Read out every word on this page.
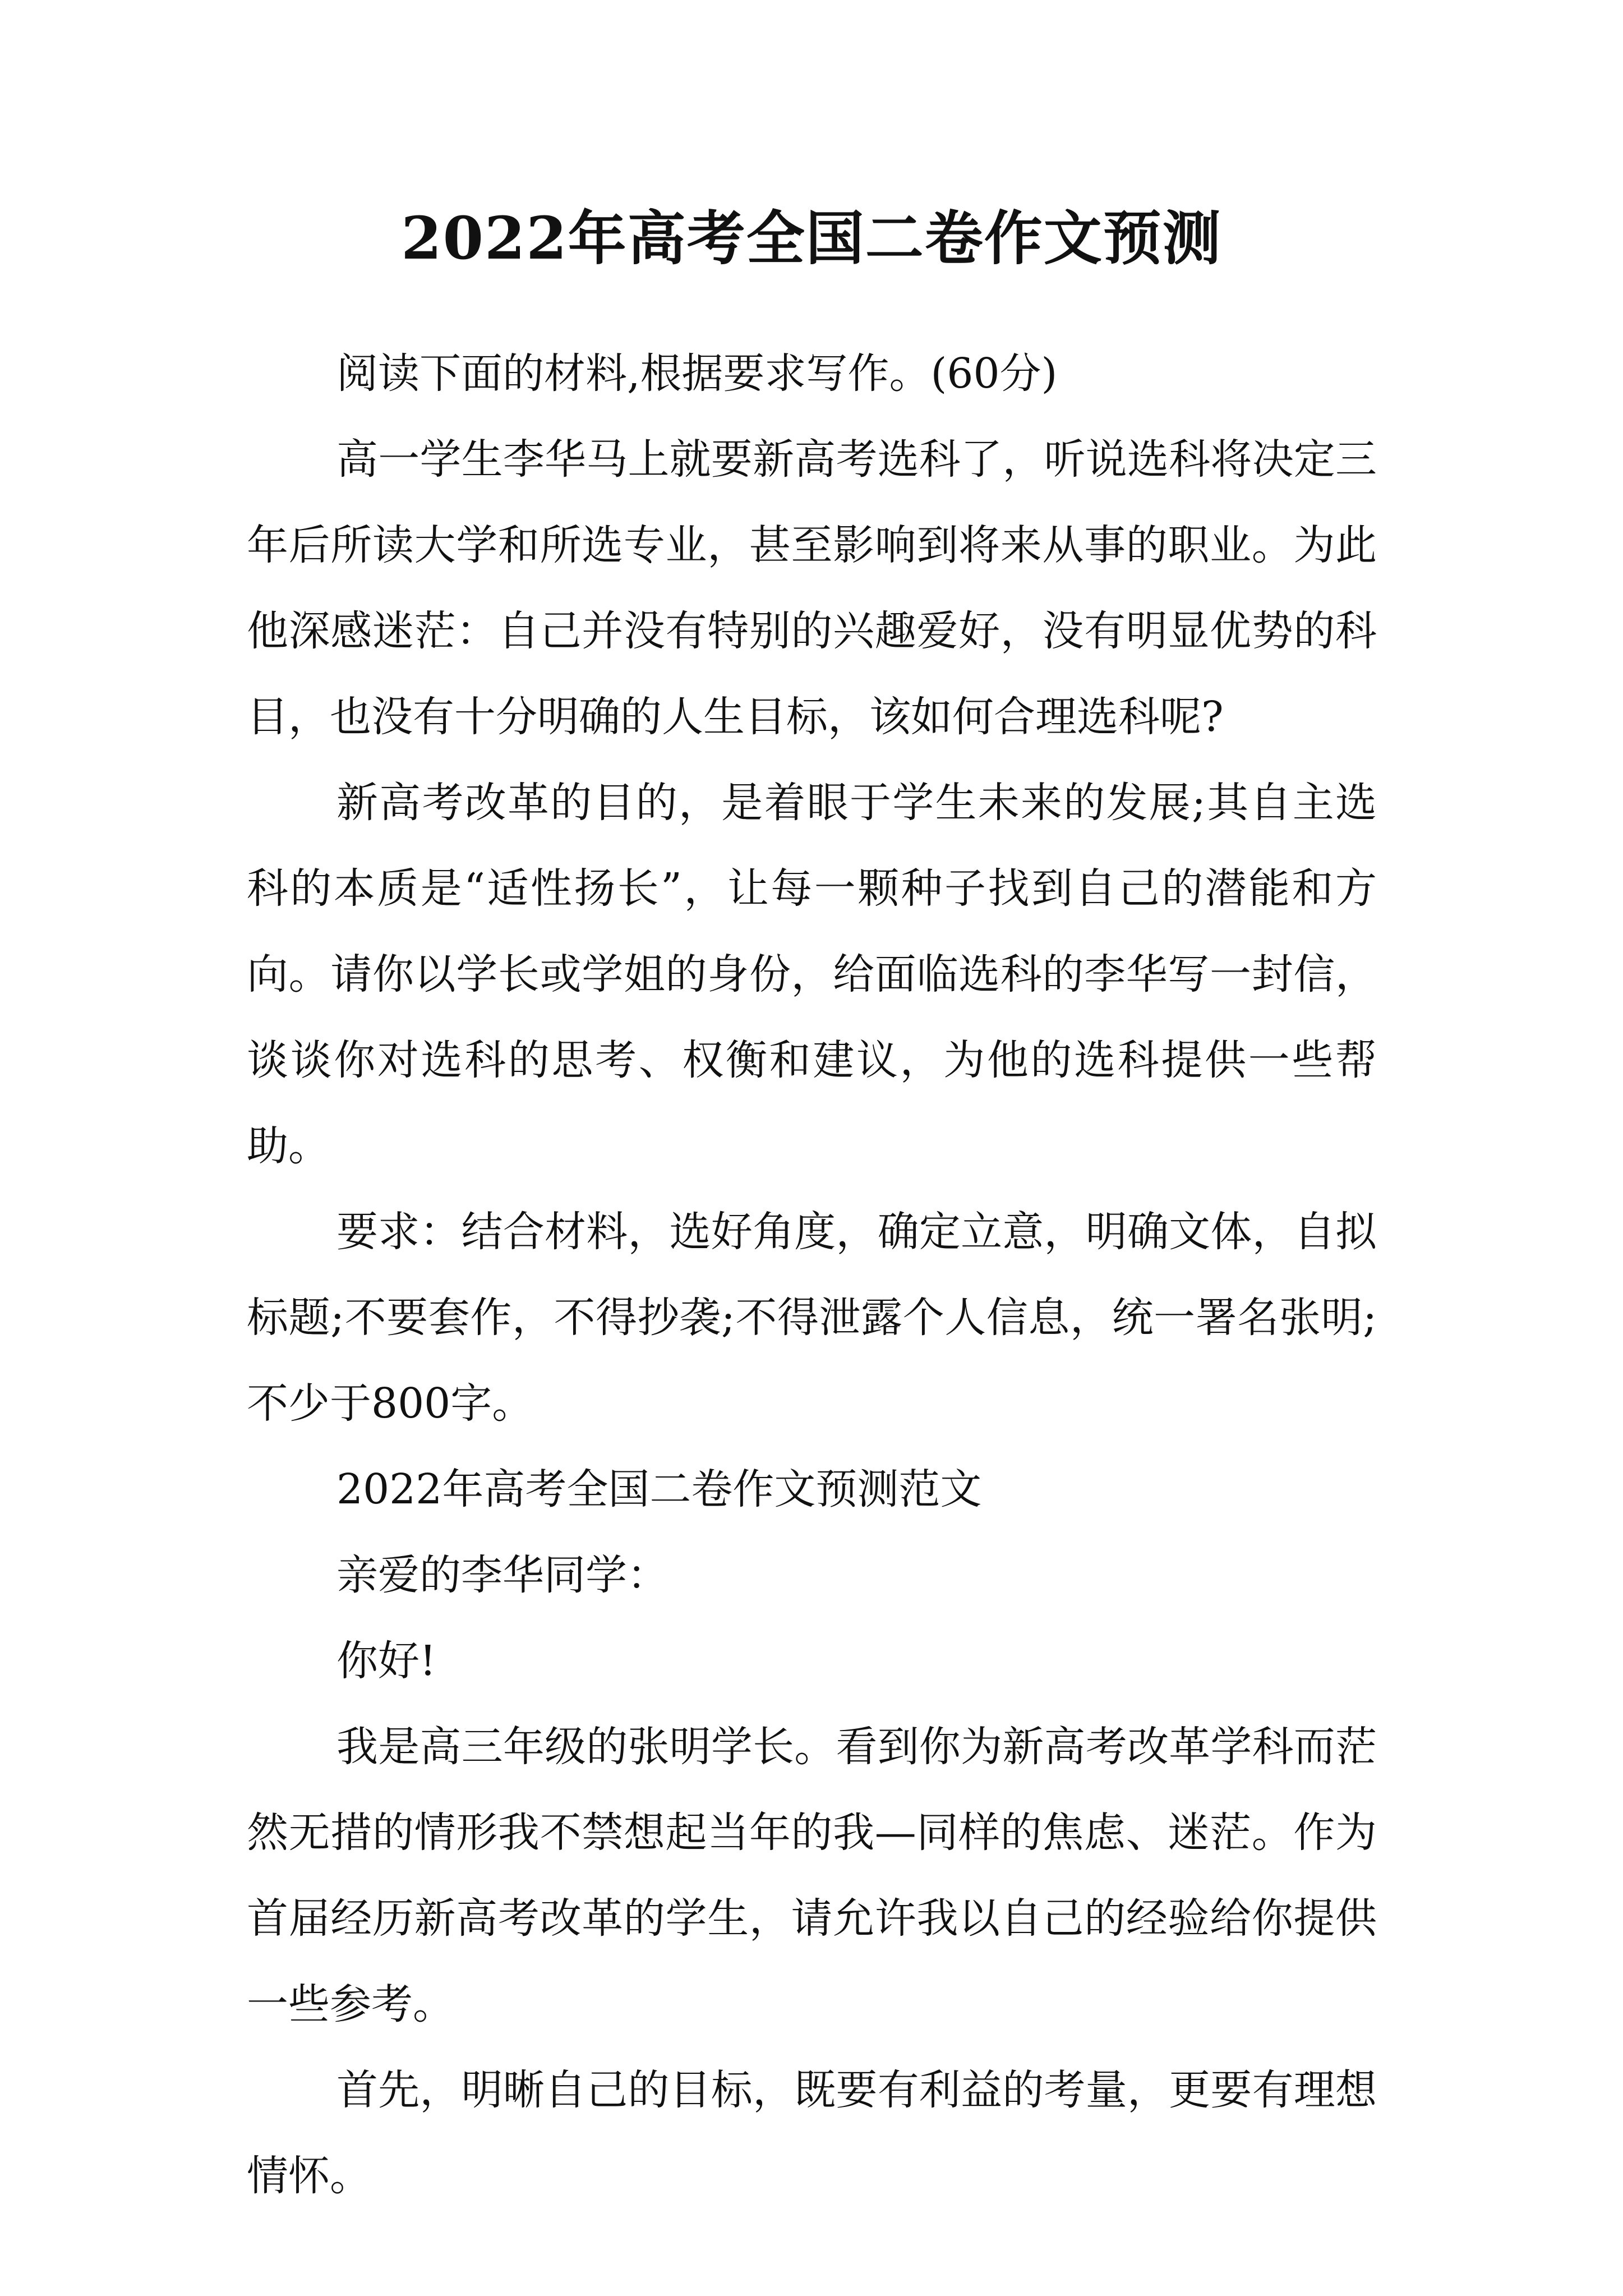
2022年高考全国二卷作文预测

阅读下面的材料,根据要求写作。(60分)

高一学生李华马上就要新高考选科了，听说选科将决定三年后所读大学和所选专业，甚至影响到将来从事的职业。为此他深感迷茫：自己并没有特别的兴趣爱好，没有明显优势的科目，也没有十分明确的人生目标，该如何合理选科呢?

新高考改革的目的，是着眼于学生未来的发展;其自主选科的本质是“适性扬长”，让每一颗种子找到自己的潜能和方向。请你以学长或学姐的身份，给面临选科的李华写一封信，谈谈你对选科的思考、权衡和建议，为他的选科提供一些帮助。

要求：结合材料，选好角度，确定立意，明确文体，自拟标题;不要套作，不得抄袭;不得泄露个人信息，统一署名张明;不少于800字。

2022年高考全国二卷作文预测范文

亲爱的李华同学：

你好!

我是高三年级的张明学长。看到你为新高考改革学科而茫然无措的情形我不禁想起当年的我—同样的焦虑、迷茫。作为首届经历新高考改革的学生，请允许我以自己的经验给你提供一些参考。

首先，明晰自己的目标，既要有利益的考量，更要有理想情怀。
